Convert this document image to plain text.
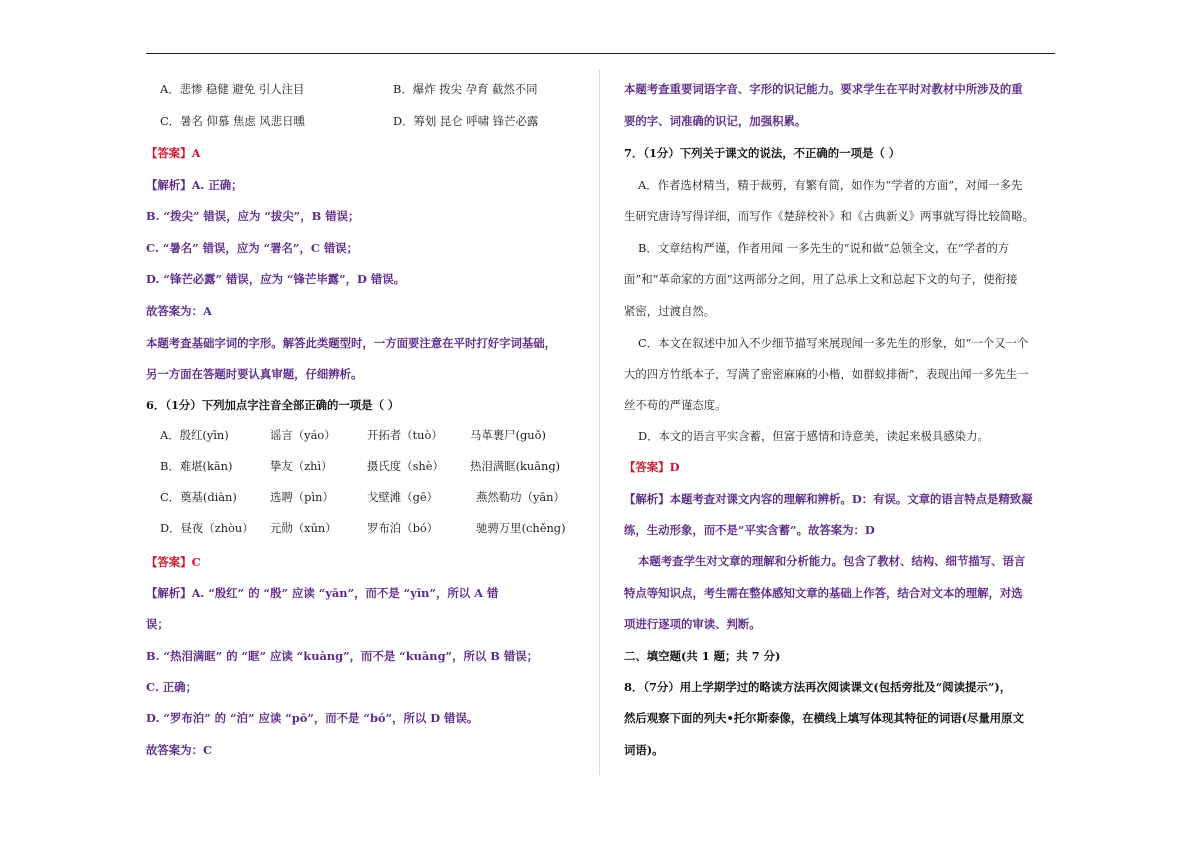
A．悲惨 稳健 避免 引人注目	B．爆炸 拨尖 孕育 截然不同
C．暑名 仰慕 焦虑 风悲日曛	D．筹划 昆仑 呼啸 锋芒必露
【答案】A
【解析】A. 正确；
B. “拨尖” 错误，应为 “拔尖”，B 错误；
C. “暑名” 错误，应为 “署名”，C 错误；
D. “锋芒必露” 错误，应为 “锋芒毕露”，D 错误。
故答案为：A
本题考查基础字词的字形。解答此类题型时，一方面要注意在平时打好字词基础，
另一方面在答题时要认真审题，仔细辨析。
6．（1分）下列加点字注音全部正确的一项是（ ）
A．殷红(yīn)	谣言（yáo）	开拓者（tuò） 马革裹尸(guǒ)
B．难堪(kān)	挚友（zhì）	摄氏度（shè） 热泪满眶(kuāng)
C．奠基(diàn)	选聘（pìn）	戈壁滩（gē）	燕然勒功（yān）
D．昼夜（zhòu） 元勋（xūn）	罗布泊（bó）	驰骋万里(chěng)
【答案】C
【解析】A. “殷红” 的 “殷” 应读 “yān”，而不是 “yīn”，所以 A 错
误；
B. “热泪满眶” 的 “眶” 应读 “kuàng”，而不是 “kuāng”，所以 B 错误；
C. 正确；
D. “罗布泊” 的 “泊” 应读 “pō”，而不是 “bó”，所以 D 错误。
故答案为：C
本题考查重要词语字音、字形的识记能力。要求学生在平时对教材中所涉及的重
要的字、词准确的识记，加强积累。
7．（1分）下列关于课文的说法，不正确的一项是（ ）
A．作者选材精当，精于裁剪，有繁有简，如作为“学者的方面”，对闻一多先
生研究唐诗写得详细，而写作《楚辞校补》和《古典新义》两事就写得比较简略。
B．文章结构严谨，作者用闻 一多先生的“说和做”总领全文，在“学者的方
面”和“革命家的方面”这两部分之间，用了总承上文和总起下文的句子，使衔接
紧密，过渡自然。
C．本文在叙述中加入不少细节描写来展现闻一多先生的形象，如“一个又一个
大的四方竹纸本子，写满了密密麻麻的小楷，如群蚁排衙”，表现出闻一多先生一
丝不苟的严谨态度。
D．本文的语言平实含蓄，但富于感情和诗意美，读起来极具感染力。
【答案】D
【解析】本题考查对课文内容的理解和辨析。D：有误。文章的语言特点是精致凝
练，生动形象，而不是“平实含蓄”。故答案为：D
本题考查学生对文章的理解和分析能力。包含了教材、结构、细节描写、语言
特点等知识点，考生需在整体感知文章的基础上作答，结合对文本的理解，对选
项进行逐项的审读、判断。
二、填空题(共 1 题；共 7 分)
8．（7分）用上学期学过的略读方法再次阅读课文(包括旁批及“阅读提示”)，
然后观察下面的列夫•托尔斯泰像，在横线上填写体现其特征的词语(尽量用原文
词语)。
